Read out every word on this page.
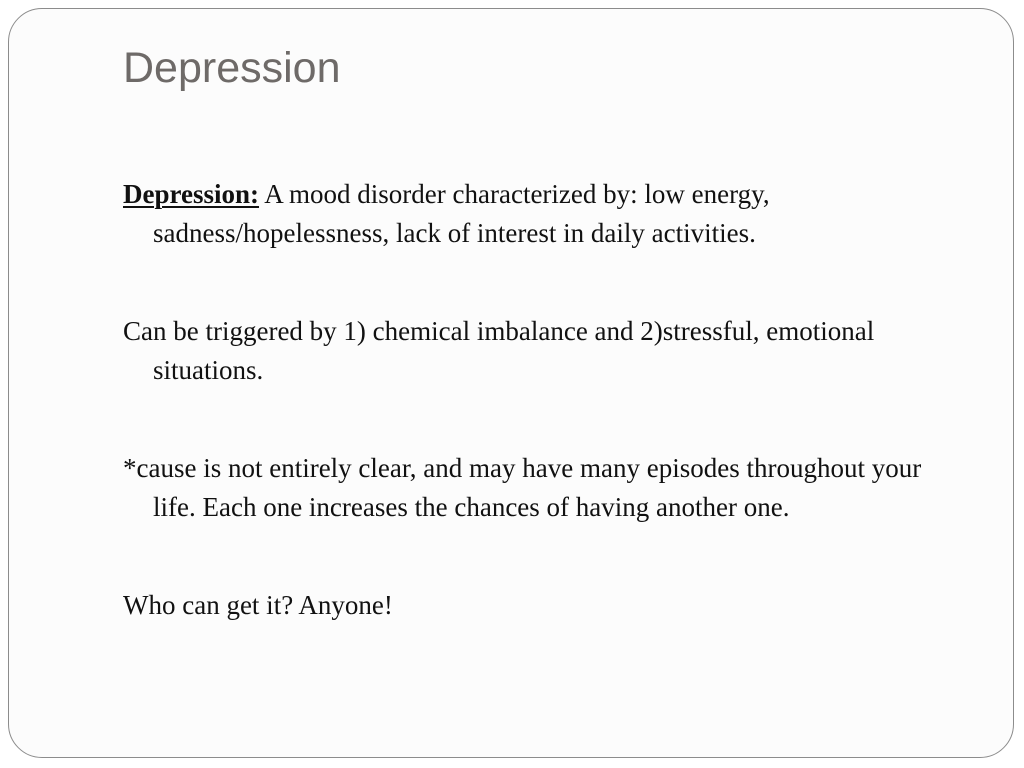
Depression

Depression: A mood disorder characterized by: low energy, sadness/hopelessness, lack of interest in daily activities.

Can be triggered by 1) chemical imbalance and 2)stressful, emotional situations.

*cause is not entirely clear, and may have many episodes throughout your life. Each one increases the chances of having another one.

Who can get it? Anyone!
